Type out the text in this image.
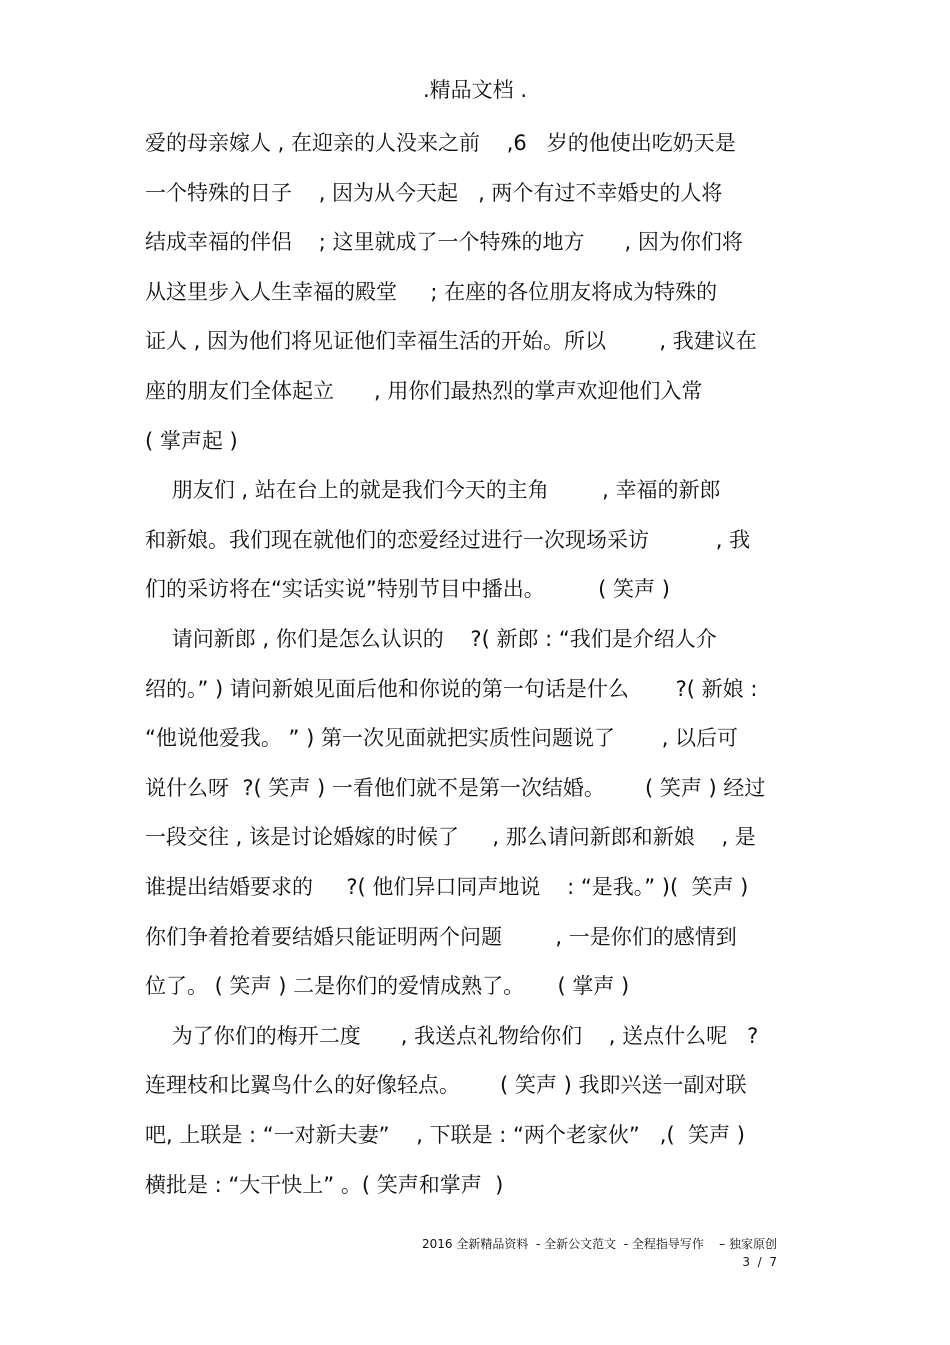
.精品文档 .
爱的母亲嫁人 , 在迎亲的人没来之前    ,6   岁的他使出吃奶天是
一个特殊的日子    , 因为从今天起   , 两个有过不幸婚史的人将
结成幸福的伴侣    ; 这里就成了一个特殊的地方      , 因为你们将
从这里步入人生幸福的殿堂     ; 在座的各位朋友将成为特殊的
证人 , 因为他们将见证他们幸福生活的开始。所以        , 我建议在
座的朋友们全体起立      , 用你们最热烈的掌声欢迎他们入常
( 掌声起 )
朋友们 , 站在台上的就是我们今天的主角        , 幸福的新郎
和新娘。我们现在就他们的恋爱经过进行一次现场采访          , 我
们的采访将在“实话实说”特别节目中播出。        ( 笑声 )
请问新郎 , 你们是怎么认识的    ?( 新郎 : “我们是介绍人介
绍的。” ) 请问新娘见面后他和你说的第一句话是什么       ?( 新娘 :
“他说他爱我。 ” ) 第一次见面就把实质性问题说了       , 以后可
说什么呀  ?( 笑声 ) 一看他们就不是第一次结婚。      ( 笑声 ) 经过
一段交往 , 该是讨论婚嫁的时候了     , 那么请问新郎和新娘    , 是
谁提出结婚要求的     ?( 他们异口同声地说    : “是我。” )(  笑声 )
你们争着抢着要结婚只能证明两个问题        , 一是你们的感情到
位了。 ( 笑声 ) 二是你们的爱情成熟了。     ( 掌声 )
为了你们的梅开二度      , 我送点礼物给你们    , 送点什么呢   ?
连理枝和比翼鸟什么的好像轻点。      ( 笑声 ) 我即兴送一副对联
吧, 上联是 : “一对新夫妻”    , 下联是 : “两个老家伙”   ,(  笑声 )
横批是 : “大干快上” 。( 笑声和掌声  )
2016 全新精品资料  - 全新公文范文  - 全程指导写作    – 独家原创
3  /  7
